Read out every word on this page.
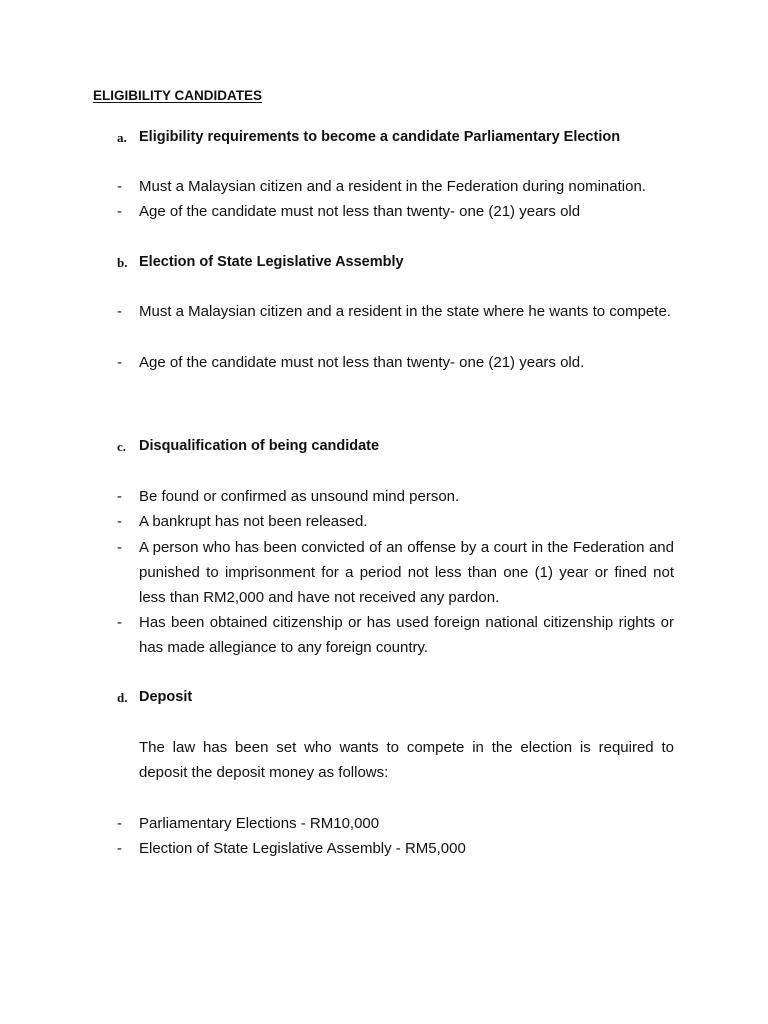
ELIGIBILITY CANDIDATES
a. Eligibility requirements to become a candidate Parliamentary Election
-	Must a Malaysian citizen and a resident in the Federation during nomination.
-	Age of the candidate must not less than twenty- one (21) years old
b. Election of State Legislative Assembly
-	Must a Malaysian citizen and a resident in the state where he wants to compete.
-	Age of the candidate must not less than twenty- one (21) years old.
c. Disqualification of being candidate
-	Be found or confirmed as unsound mind person.
-	A bankrupt has not been released.
-	A person who has been convicted of an offense by a court in the Federation and punished to imprisonment for a period not less than one (1) year or fined not less than RM2,000 and have not received any pardon.
-	Has been obtained citizenship or has used foreign national citizenship rights or has made allegiance to any foreign country.
d. Deposit
The law has been set who wants to compete in the election is required to deposit the deposit money as follows:
-	Parliamentary Elections - RM10,000
-	Election of State Legislative Assembly - RM5,000
